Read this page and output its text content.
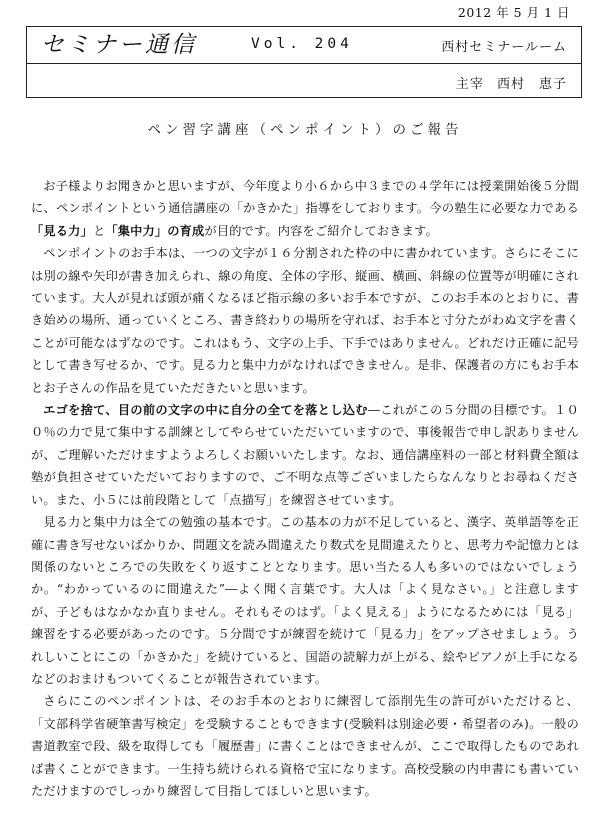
2012 年 5 月 1 日
セミナー通信	Vol. 204	西村セミナールーム
主宰 西村　恵子
ペン習字講座（ペンポイント）のご報告

お子様よりお聞きかと思いますが、今年度より小６から中３までの４学年には授業開始後５分間に、ペンポイントという通信講座の「かきかた」指導をしております。今の塾生に必要な力である「見る力」と「集中力」の育成が目的です。内容をご紹介しておきます。

ペンポイントのお手本は、一つの文字が１６分割された枠の中に書かれています。さらにそこには別の線や矢印が書き加えられ、線の角度、全体の字形、縦画、横画、斜線の位置等が明確にされています。大人が見れば頭が痛くなるほど指示線の多いお手本ですが、このお手本のとおりに、書き始めの場所、通っていくところ、書き終わりの場所を守れば、お手本と寸分たがわぬ文字を書くことが可能なはずなのです。これはもう、文字の上手、下手ではありません。どれだけ正確に記号として書き写せるか、です。見る力と集中力がなければできません。是非、保護者の方にもお手本とお子さんの作品を見ていただきたいと思います。

エゴを捨て、目の前の文字の中に自分の全てを落とし込む―これがこの５分間の目標です。１００％の力で見て集中する訓練としてやらせていただいていますので、事後報告で申し訳ありませんが、ご理解いただけますようよろしくお願いいたします。なお、通信講座料の一部と材料費全額は塾が負担させていただいておりますので、ご不明な点等ございましたらなんなりとお尋ねください。また、小５には前段階として「点描写」を練習させています。

見る力と集中力は全ての勉強の基本です。この基本の力が不足していると、漢字、英単語等を正確に書き写せないばかりか、問題文を読み間違えたり数式を見間違えたりと、思考力や記憶力とは関係のないところでの失敗をくり返すこととなります。思い当たる人も多いのではないでしょうか。“わかっているのに間違えた”―よく聞く言葉です。大人は「よく見なさい。」と注意しますが、子どもはなかなか直りません。それもそのはず。「よく見える」ようになるためには「見る」練習をする必要があったのです。５分間ですが練習を続けて「見る力」をアップさせましょう。うれしいことにこの「かきかた」を続けていると、国語の読解力が上がる、絵やピアノが上手になるなどのおまけもついてくることが報告されています。

さらにこのペンポイントは、そのお手本のとおりに練習して添削先生の許可がいただけると、「文部科学省硬筆書写検定」を受験することもできます(受験料は別途必要・希望者のみ)。一般の書道教室で段、級を取得しても「履歴書」に書くことはできませんが、ここで取得したものであれば書くことができます。一生持ち続けられる資格で宝になります。高校受験の内申書にも書いていただけますのでしっかり練習して目指してほしいと思います。
